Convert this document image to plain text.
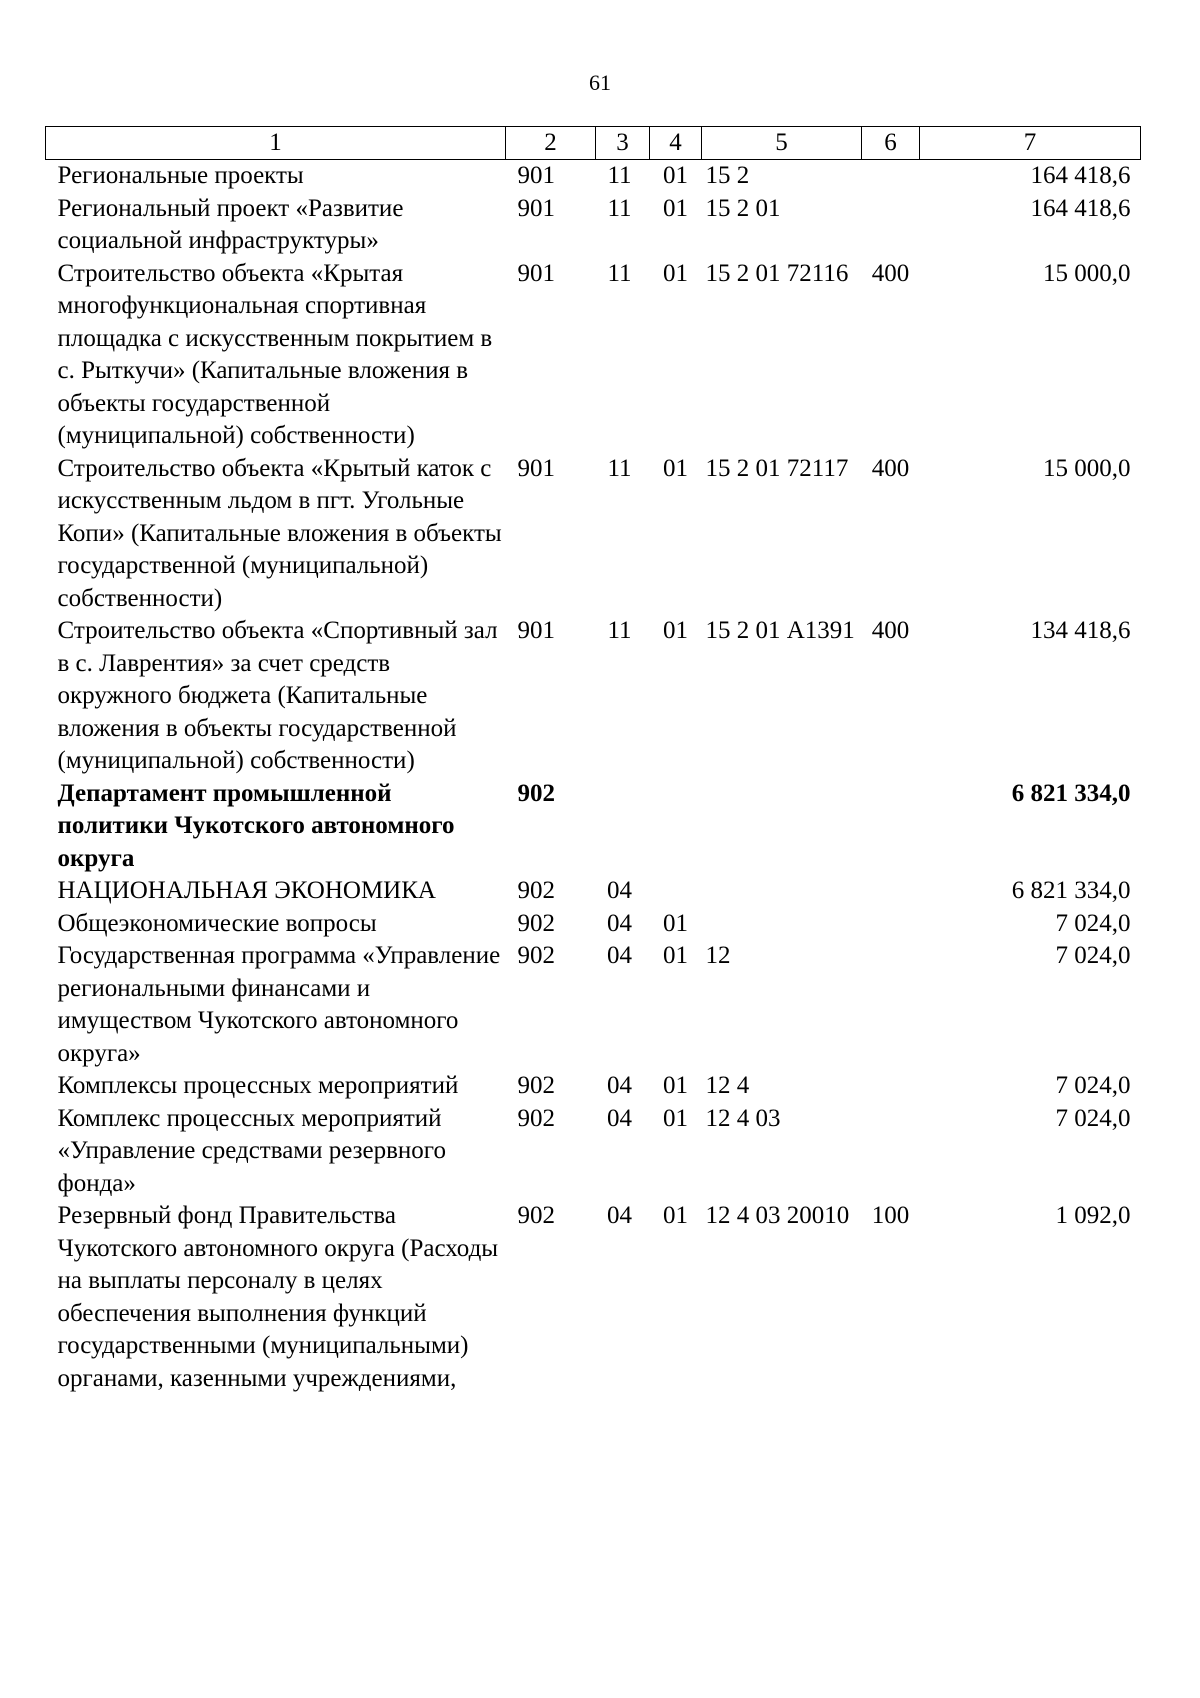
61
1	2	3	4	5	6	7
Региональные проекты	901	11	01	15 2		164 418,6
Региональный проект «Развитие социальной инфраструктуры»	901	11	01	15 2 01		164 418,6
Строительство объекта «Крытая многофункциональная спортивная площадка с искусственным покрытием в с. Рыткучи» (Капитальные вложения в объекты государственной (муниципальной) собственности)	901	11	01	15 2 01 72116	400	15 000,0
Строительство объекта «Крытый каток с искусственным льдом в пгт. Угольные Копи» (Капитальные вложения в объекты государственной (муниципальной) собственности)	901	11	01	15 2 01 72117	400	15 000,0
Строительство объекта «Спортивный зал в с. Лаврентия» за счет средств окружного бюджета (Капитальные вложения в объекты государственной (муниципальной) собственности)	901	11	01	15 2 01 А1391	400	134 418,6
Департамент промышленной политики Чукотского автономного округа	902					6 821 334,0
НАЦИОНАЛЬНАЯ ЭКОНОМИКА	902	04				6 821 334,0
Общеэкономические вопросы	902	04	01			7 024,0
Государственная программа «Управление региональными финансами и имуществом Чукотского автономного округа»	902	04	01	12		7 024,0
Комплексы процессных мероприятий	902	04	01	12 4		7 024,0
Комплекс процессных мероприятий «Управление средствами резервного фонда»	902	04	01	12 4 03		7 024,0
Резервный фонд Правительства Чукотского автономного округа (Расходы на выплаты персоналу в целях обеспечения выполнения функций государственными (муниципальными) органами, казенными учреждениями,	902	04	01	12 4 03 20010	100	1 092,0
